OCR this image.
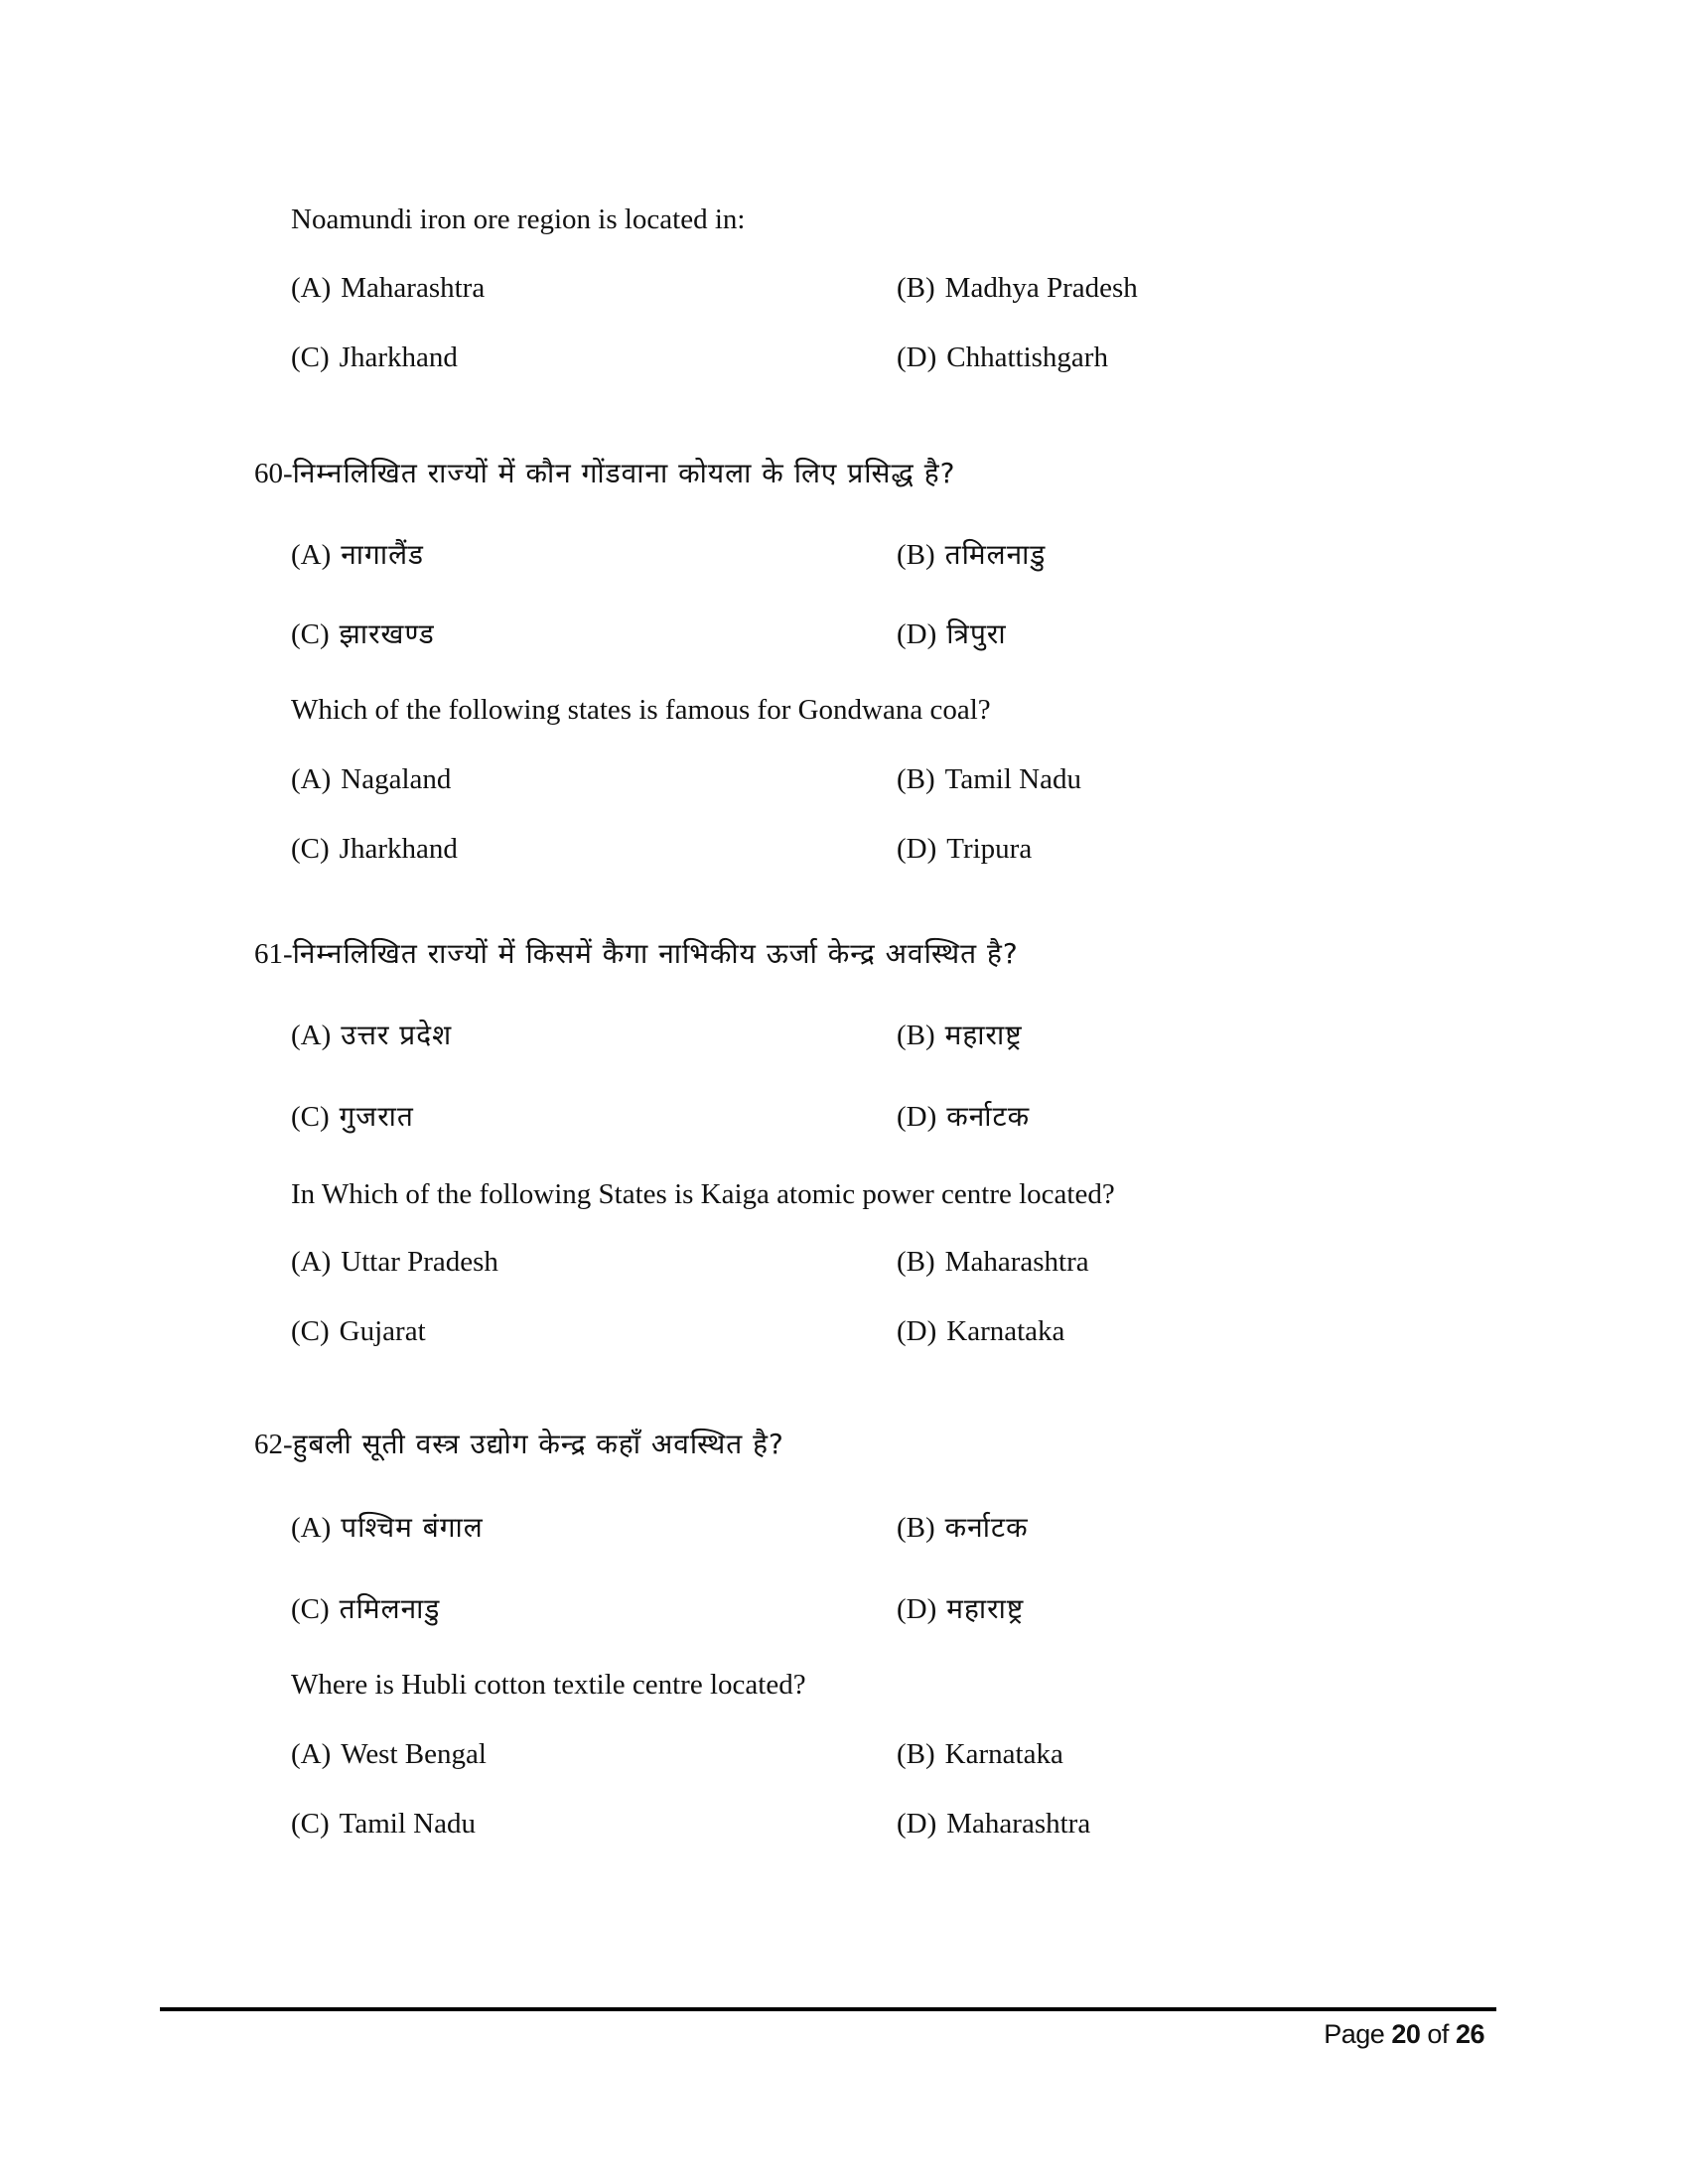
Noamundi iron ore region is located in:
(A) Maharashtra	(B) Madhya Pradesh
(C) Jharkhand	(D) Chhattishgarh
60-निम्नलिखित राज्यों में कौन गोंडवाना कोयला के लिए प्रसिद्ध है?
(A) नागालैंड	(B) तमिलनाडु
(C) झारखण्ड	(D) त्रिपुरा
Which of the following states is famous for Gondwana coal?
(A) Nagaland	(B) Tamil Nadu
(C) Jharkhand	(D) Tripura
61-निम्नलिखित राज्यों में किसमें कैगा नाभिकीय ऊर्जा केन्द्र अवस्थित है?
(A) उत्तर प्रदेश	(B) महाराष्ट्र
(C) गुजरात	(D) कर्नाटक
In Which of the following States is Kaiga atomic power centre located?
(A) Uttar Pradesh	(B) Maharashtra
(C) Gujarat	(D) Karnataka
62-हुबली सूती वस्त्र उद्योग केन्द्र कहाँ अवस्थित है?
(A) पश्चिम बंगाल	(B) कर्नाटक
(C) तमिलनाडु	(D) महाराष्ट्र
Where is Hubli cotton textile centre located?
(A) West Bengal	(B) Karnataka
(C) Tamil Nadu	(D) Maharashtra
Page 20 of 26
